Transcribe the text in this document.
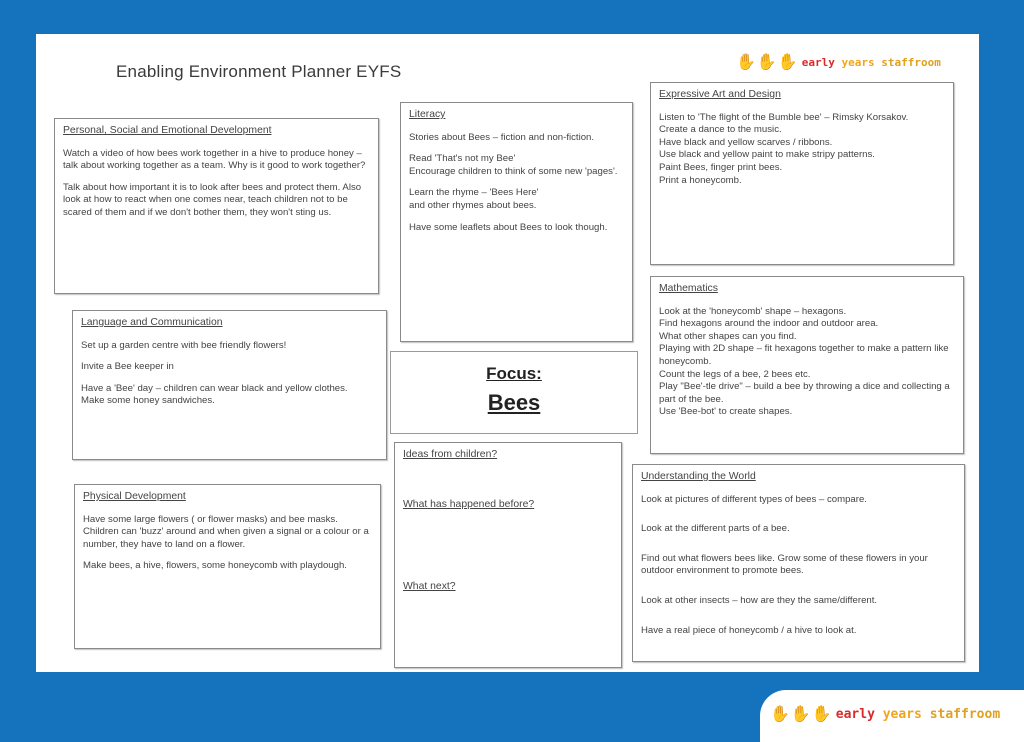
Enabling Environment Planner EYFS	✋ ✋ ✋ early years staffroom
Personal, Social and Emotional Development

Watch a video of how bees work together in a hive to produce honey – talk about working together as a team. Why is it good to work together?

Talk about how important it is to look after bees and protect them. Also look at how to react when one comes near, teach children not to be scared of them and if we don't bother them, they won't sting us.

Literacy

Stories about Bees – fiction and non-fiction.

Read 'That's not my Bee'
Encourage children to think of some new 'pages'.

Learn the rhyme – 'Bees Here'
and other rhymes about bees.

Have some leaflets about Bees to look though.

Expressive Art and Design

Listen to 'The flight of the Bumble bee' – Rimsky Korsakov.
Create a dance to the music.
Have black and yellow scarves / ribbons.
Use black and yellow paint to make stripy patterns.
Paint Bees, finger print bees.
Print a honeycomb.

Language and Communication

Set up a garden centre with bee friendly flowers!

Invite a Bee keeper in

Have a 'Bee' day – children can wear black and yellow clothes.
Make some honey sandwiches.

Focus:
Bees
Mathematics

Look at the 'honeycomb' shape – hexagons.
Find hexagons around the indoor and outdoor area.
What other shapes can you find.
Playing with 2D shape – fit hexagons together to make a pattern like honeycomb.
Count the legs of a bee, 2 bees etc.
Play "Bee'-tle drive" – build a bee by throwing a dice and collecting a part of the bee.
Use 'Bee-bot' to create shapes.

Physical Development

Have some large flowers ( or flower masks) and bee masks.
Children can 'buzz' around and when given a signal or a colour or a number, they have to land on a flower.

Make bees, a hive, flowers, some honeycomb with playdough.

Ideas from children?

What has happened before?

What next?

Understanding the World

Look at pictures of different types of bees – compare.

Look at the different parts of a bee.

Find out what flowers bees like. Grow some of these flowers in your outdoor environment to promote bees.

Look at other insects – how are they the same/different.

Have a real piece of honeycomb / a hive to look at.

✋ ✋ ✋ early years staffroom
